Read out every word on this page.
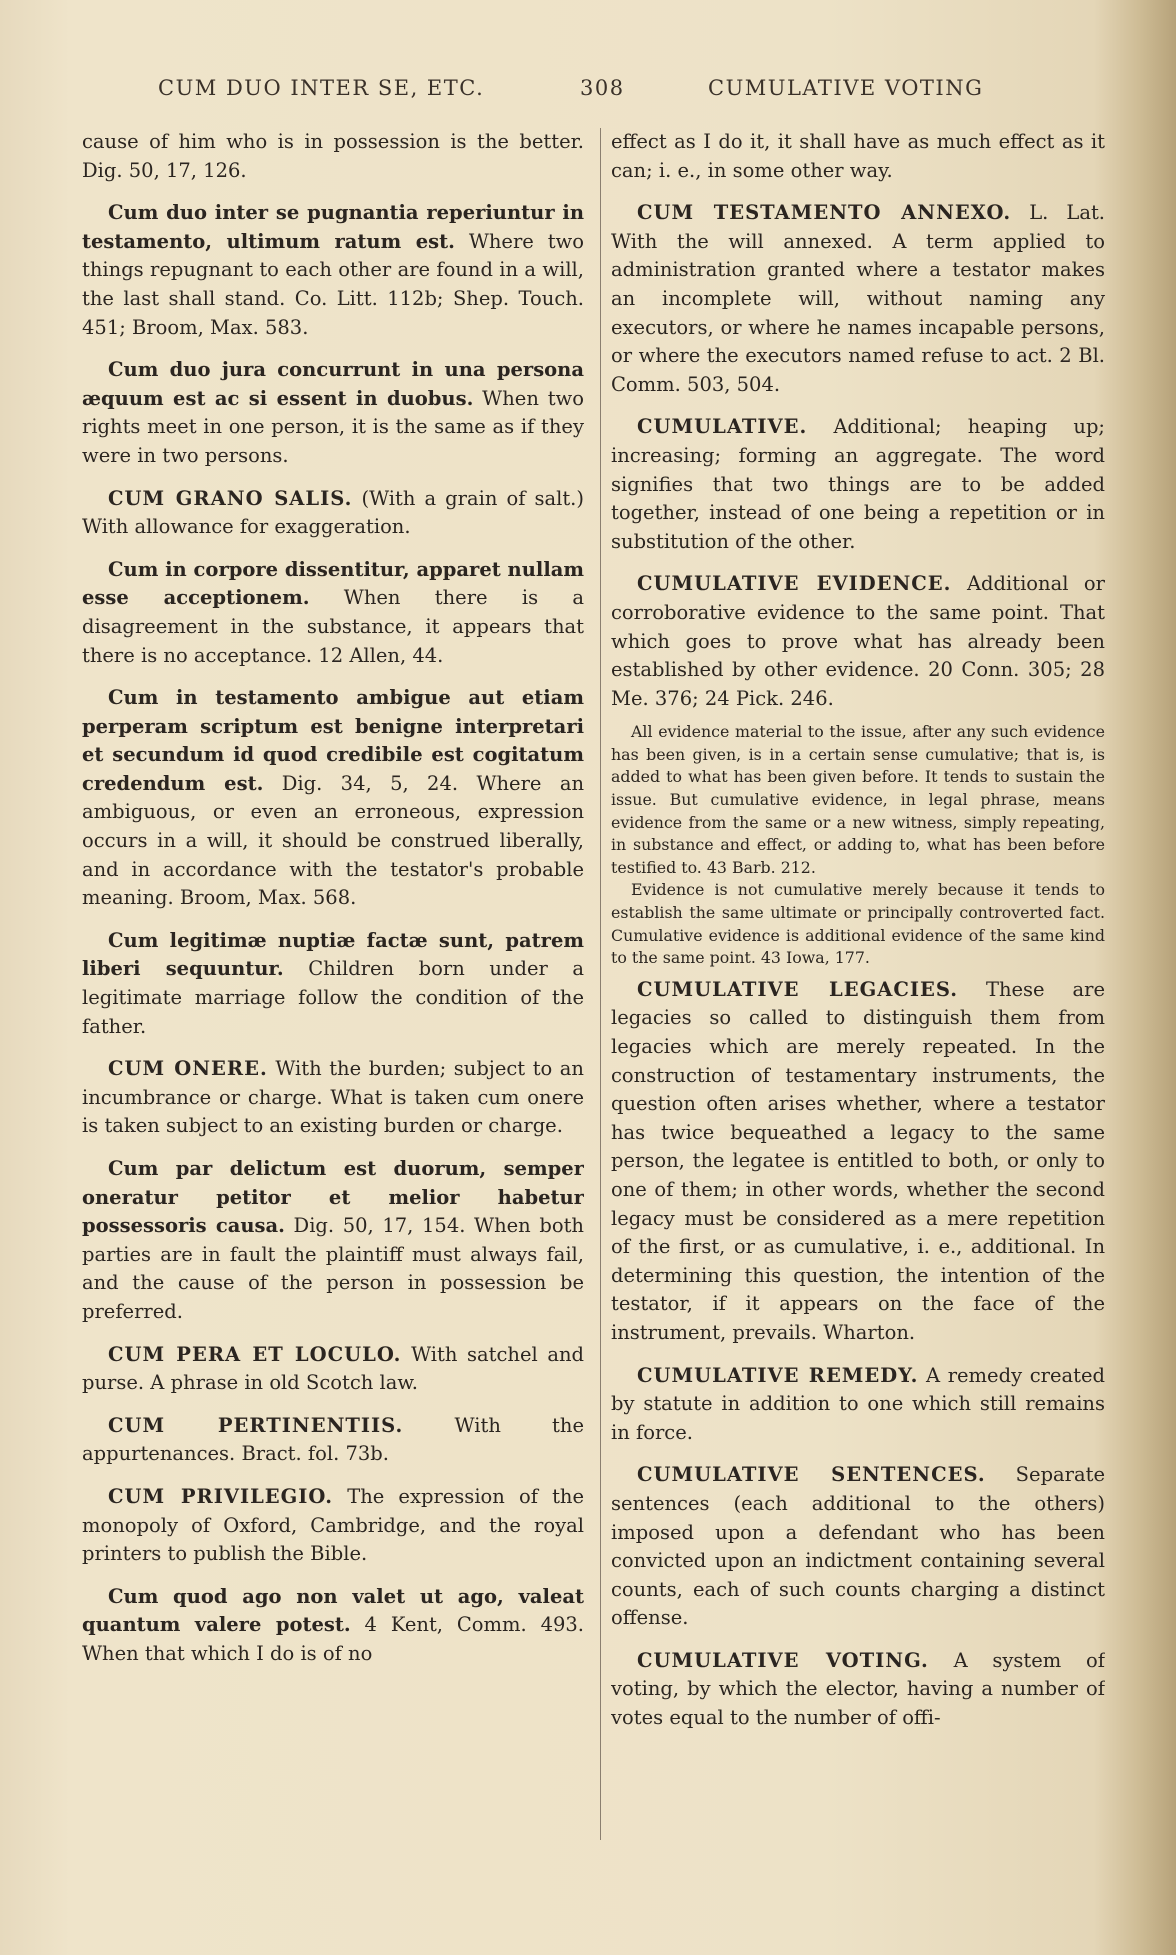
CUM DUO INTER SE, ETC.	308	CUMULATIVE VOTING

cause of him who is in possession is the better. Dig. 50, 17, 126.

Cum duo inter se pugnantia reperiuntur in testamento, ultimum ratum est. Where two things repugnant to each other are found in a will, the last shall stand. Co. Litt. 112b; Shep. Touch. 451; Broom, Max. 583.

Cum duo jura concurrunt in una persona æquum est ac si essent in duobus. When two rights meet in one person, it is the same as if they were in two persons.

CUM GRANO SALIS. (With a grain of salt.) With allowance for exaggeration.

Cum in corpore dissentitur, apparet nullam esse acceptionem. When there is a disagreement in the substance, it appears that there is no acceptance. 12 Allen, 44.

Cum in testamento ambigue aut etiam perperam scriptum est benigne interpretari et secundum id quod credibile est cogitatum credendum est. Dig. 34, 5, 24. Where an ambiguous, or even an erroneous, expression occurs in a will, it should be construed liberally, and in accordance with the testator's probable meaning. Broom, Max. 568.

Cum legitimæ nuptiæ factæ sunt, patrem liberi sequuntur. Children born under a legitimate marriage follow the condition of the father.

CUM ONERE. With the burden; subject to an incumbrance or charge. What is taken cum onere is taken subject to an existing burden or charge.

Cum par delictum est duorum, semper oneratur petitor et melior habetur possessoris causa. Dig. 50, 17, 154. When both parties are in fault the plaintiff must always fail, and the cause of the person in possession be preferred.

CUM PERA ET LOCULO. With satchel and purse. A phrase in old Scotch law.

CUM PERTINENTIIS. With the appurtenances. Bract. fol. 73b.

CUM PRIVILEGIO. The expression of the monopoly of Oxford, Cambridge, and the royal printers to publish the Bible.

Cum quod ago non valet ut ago, valeat quantum valere potest. 4 Kent, Comm. 493. When that which I do is of no

effect as I do it, it shall have as much effect as it can; i. e., in some other way.

CUM TESTAMENTO ANNEXO. L. Lat. With the will annexed. A term applied to administration granted where a testator makes an incomplete will, without naming any executors, or where he names incapable persons, or where the executors named refuse to act. 2 Bl. Comm. 503, 504.

CUMULATIVE. Additional; heaping up; increasing; forming an aggregate. The word signifies that two things are to be added together, instead of one being a repetition or in substitution of the other.

CUMULATIVE EVIDENCE. Additional or corroborative evidence to the same point. That which goes to prove what has already been established by other evidence. 20 Conn. 305; 28 Me. 376; 24 Pick. 246.

All evidence material to the issue, after any such evidence has been given, is in a certain sense cumulative; that is, is added to what has been given before. It tends to sustain the issue. But cumulative evidence, in legal phrase, means evidence from the same or a new witness, simply repeating, in substance and effect, or adding to, what has been before testified to. 43 Barb. 212.

Evidence is not cumulative merely because it tends to establish the same ultimate or principally controverted fact. Cumulative evidence is additional evidence of the same kind to the same point. 43 Iowa, 177.

CUMULATIVE LEGACIES. These are legacies so called to distinguish them from legacies which are merely repeated. In the construction of testamentary instruments, the question often arises whether, where a testator has twice bequeathed a legacy to the same person, the legatee is entitled to both, or only to one of them; in other words, whether the second legacy must be considered as a mere repetition of the first, or as cumulative, i. e., additional. In determining this question, the intention of the testator, if it appears on the face of the instrument, prevails. Wharton.

CUMULATIVE REMEDY. A remedy created by statute in addition to one which still remains in force.

CUMULATIVE SENTENCES. Separate sentences (each additional to the others) imposed upon a defendant who has been convicted upon an indictment containing several counts, each of such counts charging a distinct offense.

CUMULATIVE VOTING. A system of voting, by which the elector, having a number of votes equal to the number of offi-
